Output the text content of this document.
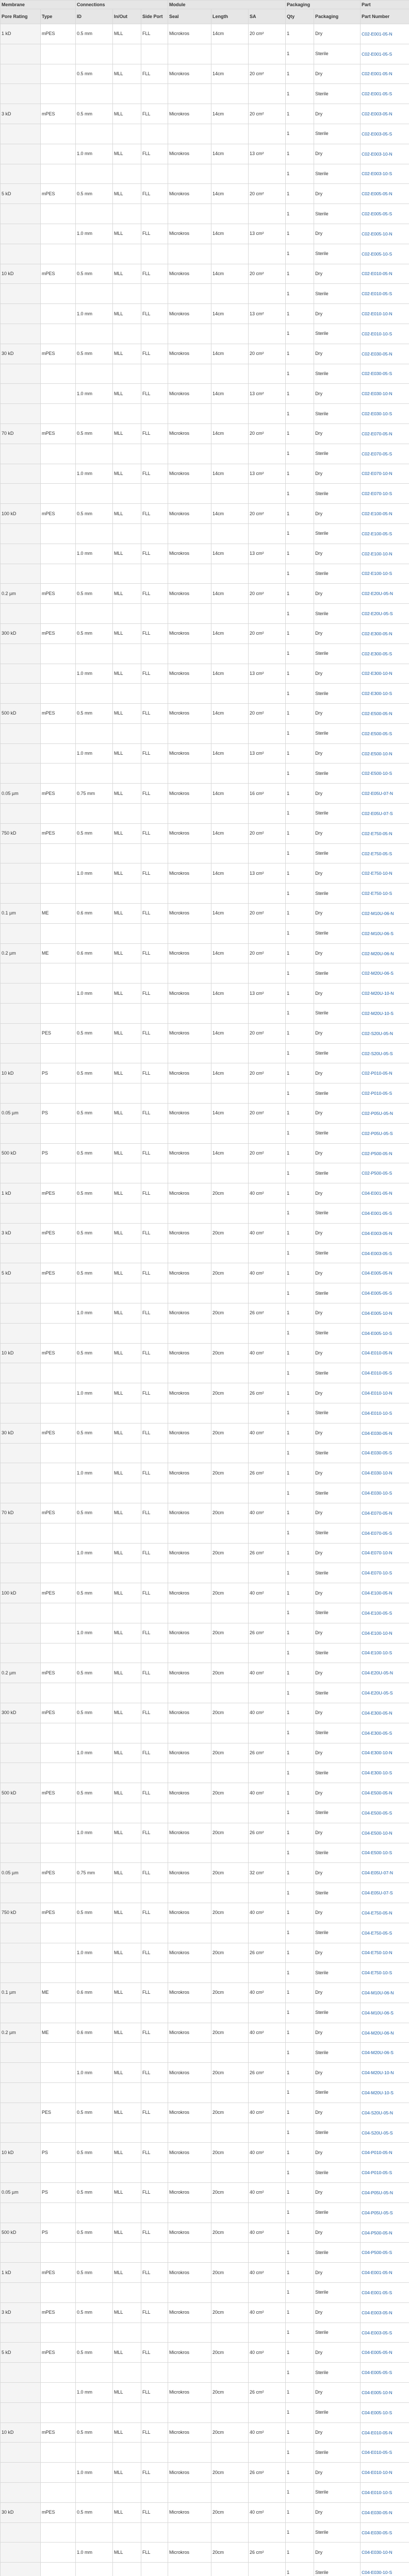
Membrane		Connections			Module			Packaging		Part
Pore Rating	Type	ID	In/Out	Side Port	Seal	Length	SA	Qty	Packaging	Part Number
1 kD	mPES	0.5 mm	MLL	FLL	Microkros	14cm	20 cm²	1	Dry	C02-E001-05-N
								1	Sterile	C02-E001-05-S
		0.5 mm	MLL	FLL	Microkros	14cm	20 cm²	1	Dry	C02-E001-05-N
								1	Sterile	C02-E001-05-S
3 kD	mPES	0.5 mm	MLL	FLL	Microkros	14cm	20 cm²	1	Dry	C02-E003-05-N
								1	Sterile	C02-E003-05-S
		1.0 mm	MLL	FLL	Microkros	14cm	13 cm²	1	Dry	C02-E003-10-N
								1	Sterile	C02-E003-10-S
5 kD	mPES	0.5 mm	MLL	FLL	Microkros	14cm	20 cm²	1	Dry	C02-E005-05-N
								1	Sterile	C02-E005-05-S
		1.0 mm	MLL	FLL	Microkros	14cm	13 cm²	1	Dry	C02-E005-10-N
								1	Sterile	C02-E005-10-S
10 kD	mPES	0.5 mm	MLL	FLL	Microkros	14cm	20 cm²	1	Dry	C02-E010-05-N
								1	Sterile	C02-E010-05-S
		1.0 mm	MLL	FLL	Microkros	14cm	13 cm²	1	Dry	C02-E010-10-N
								1	Sterile	C02-E010-10-S
30 kD	mPES	0.5 mm	MLL	FLL	Microkros	14cm	20 cm²	1	Dry	C02-E030-05-N
								1	Sterile	C02-E030-05-S
		1.0 mm	MLL	FLL	Microkros	14cm	13 cm²	1	Dry	C02-E030-10-N
								1	Sterile	C02-E030-10-S
70 kD	mPES	0.5 mm	MLL	FLL	Microkros	14cm	20 cm²	1	Dry	C02-E070-05-N
								1	Sterile	C02-E070-05-S
		1.0 mm	MLL	FLL	Microkros	14cm	13 cm²	1	Dry	C02-E070-10-N
								1	Sterile	C02-E070-10-S
100 kD	mPES	0.5 mm	MLL	FLL	Microkros	14cm	20 cm²	1	Dry	C02-E100-05-N
								1	Sterile	C02-E100-05-S
		1.0 mm	MLL	FLL	Microkros	14cm	13 cm²	1	Dry	C02-E100-10-N
								1	Sterile	C02-E100-10-S
0.2 µm	mPES	0.5 mm	MLL	FLL	Microkros	14cm	20 cm²	1	Dry	C02-E20U-05-N
								1	Sterile	C02-E20U-05-S
300 kD	mPES	0.5 mm	MLL	FLL	Microkros	14cm	20 cm²	1	Dry	C02-E300-05-N
								1	Sterile	C02-E300-05-S
		1.0 mm	MLL	FLL	Microkros	14cm	13 cm²	1	Dry	C02-E300-10-N
								1	Sterile	C02-E300-10-S
500 kD	mPES	0.5 mm	MLL	FLL	Microkros	14cm	20 cm²	1	Dry	C02-E500-05-N
								1	Sterile	C02-E500-05-S
		1.0 mm	MLL	FLL	Microkros	14cm	13 cm²	1	Dry	C02-E500-10-N
								1	Sterile	C02-E500-10-S
0.05 µm	mPES	0.75 mm	MLL	FLL	Microkros	14cm	16 cm²	1	Dry	C02-E05U-07-N
								1	Sterile	C02-E05U-07-S
750 kD	mPES	0.5 mm	MLL	FLL	Microkros	14cm	20 cm²	1	Dry	C02-E750-05-N
								1	Sterile	C02-E750-05-S
		1.0 mm	MLL	FLL	Microkros	14cm	13 cm²	1	Dry	C02-E750-10-N
								1	Sterile	C02-E750-10-S
0.1 µm	ME	0.6 mm	MLL	FLL	Microkros	14cm	20 cm²	1	Dry	C02-M10U-06-N
								1	Sterile	C02-M10U-06-S
0.2 µm	ME	0.6 mm	MLL	FLL	Microkros	14cm	20 cm²	1	Dry	C02-M20U-06-N
								1	Sterile	C02-M20U-06-S
		1.0 mm	MLL	FLL	Microkros	14cm	13 cm²	1	Dry	C02-M20U-10-N
								1	Sterile	C02-M20U-10-S
	PES	0.5 mm	MLL	FLL	Microkros	14cm	20 cm²	1	Dry	C02-S20U-05-N
								1	Sterile	C02-S20U-05-S
10 kD	PS	0.5 mm	MLL	FLL	Microkros	14cm	20 cm²	1	Dry	C02-P010-05-N
								1	Sterile	C02-P010-05-S
0.05 µm	PS	0.5 mm	MLL	FLL	Microkros	14cm	20 cm²	1	Dry	C02-P05U-05-N
								1	Sterile	C02-P05U-05-S
500 kD	PS	0.5 mm	MLL	FLL	Microkros	14cm	20 cm²	1	Dry	C02-P500-05-N
								1	Sterile	C02-P500-05-S
1 kD	mPES	0.5 mm	MLL	FLL	Microkros	20cm	40 cm²	1	Dry	C04-E001-05-N
								1	Sterile	C04-E001-05-S
3 kD	mPES	0.5 mm	MLL	FLL	Microkros	20cm	40 cm²	1	Dry	C04-E003-05-N
								1	Sterile	C04-E003-05-S
5 kD	mPES	0.5 mm	MLL	FLL	Microkros	20cm	40 cm²	1	Dry	C04-E005-05-N
								1	Sterile	C04-E005-05-S
		1.0 mm	MLL	FLL	Microkros	20cm	26 cm²	1	Dry	C04-E005-10-N
								1	Sterile	C04-E005-10-S
10 kD	mPES	0.5 mm	MLL	FLL	Microkros	20cm	40 cm²	1	Dry	C04-E010-05-N
								1	Sterile	C04-E010-05-S
		1.0 mm	MLL	FLL	Microkros	20cm	26 cm²	1	Dry	C04-E010-10-N
								1	Sterile	C04-E010-10-S
30 kD	mPES	0.5 mm	MLL	FLL	Microkros	20cm	40 cm²	1	Dry	C04-E030-05-N
								1	Sterile	C04-E030-05-S
		1.0 mm	MLL	FLL	Microkros	20cm	26 cm²	1	Dry	C04-E030-10-N
								1	Sterile	C04-E030-10-S
70 kD	mPES	0.5 mm	MLL	FLL	Microkros	20cm	40 cm²	1	Dry	C04-E070-05-N
								1	Sterile	C04-E070-05-S
		1.0 mm	MLL	FLL	Microkros	20cm	26 cm²	1	Dry	C04-E070-10-N
								1	Sterile	C04-E070-10-S
100 kD	mPES	0.5 mm	MLL	FLL	Microkros	20cm	40 cm²	1	Dry	C04-E100-05-N
								1	Sterile	C04-E100-05-S
		1.0 mm	MLL	FLL	Microkros	20cm	26 cm²	1	Dry	C04-E100-10-N
								1	Sterile	C04-E100-10-S
0.2 µm	mPES	0.5 mm	MLL	FLL	Microkros	20cm	40 cm²	1	Dry	C04-E20U-05-N
								1	Sterile	C04-E20U-05-S
300 kD	mPES	0.5 mm	MLL	FLL	Microkros	20cm	40 cm²	1	Dry	C04-E300-05-N
								1	Sterile	C04-E300-05-S
		1.0 mm	MLL	FLL	Microkros	20cm	26 cm²	1	Dry	C04-E300-10-N
								1	Sterile	C04-E300-10-S
500 kD	mPES	0.5 mm	MLL	FLL	Microkros	20cm	40 cm²	1	Dry	C04-E500-05-N
								1	Sterile	C04-E500-05-S
		1.0 mm	MLL	FLL	Microkros	20cm	26 cm²	1	Dry	C04-E500-10-N
								1	Sterile	C04-E500-10-S
0.05 µm	mPES	0.75 mm	MLL	FLL	Microkros	20cm	32 cm²	1	Dry	C04-E05U-07-N
								1	Sterile	C04-E05U-07-S
750 kD	mPES	0.5 mm	MLL	FLL	Microkros	20cm	40 cm²	1	Dry	C04-E750-05-N
								1	Sterile	C04-E750-05-S
		1.0 mm	MLL	FLL	Microkros	20cm	26 cm²	1	Dry	C04-E750-10-N
								1	Sterile	C04-E750-10-S
0.1 µm	ME	0.6 mm	MLL	FLL	Microkros	20cm	40 cm²	1	Dry	C04-M10U-06-N
								1	Sterile	C04-M10U-06-S
0.2 µm	ME	0.6 mm	MLL	FLL	Microkros	20cm	40 cm²	1	Dry	C04-M20U-06-N
								1	Sterile	C04-M20U-06-S
		1.0 mm	MLL	FLL	Microkros	20cm	26 cm²	1	Dry	C04-M20U-10-N
								1	Sterile	C04-M20U-10-S
	PES	0.5 mm	MLL	FLL	Microkros	20cm	40 cm²	1	Dry	C04-S20U-05-N
								1	Sterile	C04-S20U-05-S
10 kD	PS	0.5 mm	MLL	FLL	Microkros	20cm	40 cm²	1	Dry	C04-P010-05-N
								1	Sterile	C04-P010-05-S
0.05 µm	PS	0.5 mm	MLL	FLL	Microkros	20cm	40 cm²	1	Dry	C04-P05U-05-N
								1	Sterile	C04-P05U-05-S
500 kD	PS	0.5 mm	MLL	FLL	Microkros	20cm	40 cm²	1	Dry	C04-P500-05-N
								1	Sterile	C04-P500-05-S
1 kD	mPES	0.5 mm	MLL	FLL	Microkros	20cm	40 cm²	1	Dry	C04-E001-05-N
								1	Sterile	C04-E001-05-S
3 kD	mPES	0.5 mm	MLL	FLL	Microkros	20cm	40 cm²	1	Dry	C04-E003-05-N
								1	Sterile	C04-E003-05-S
5 kD	mPES	0.5 mm	MLL	FLL	Microkros	20cm	40 cm²	1	Dry	C04-E005-05-N
								1	Sterile	C04-E005-05-S
		1.0 mm	MLL	FLL	Microkros	20cm	26 cm²	1	Dry	C04-E005-10-N
								1	Sterile	C04-E005-10-S
10 kD	mPES	0.5 mm	MLL	FLL	Microkros	20cm	40 cm²	1	Dry	C04-E010-05-N
								1	Sterile	C04-E010-05-S
		1.0 mm	MLL	FLL	Microkros	20cm	26 cm²	1	Dry	C04-E010-10-N
								1	Sterile	C04-E010-10-S
30 kD	mPES	0.5 mm	MLL	FLL	Microkros	20cm	40 cm²	1	Dry	C04-E030-05-N
								1	Sterile	C04-E030-05-S
		1.0 mm	MLL	FLL	Microkros	20cm	26 cm²	1	Dry	C04-E030-10-N
								1	Sterile	C04-E030-10-S
